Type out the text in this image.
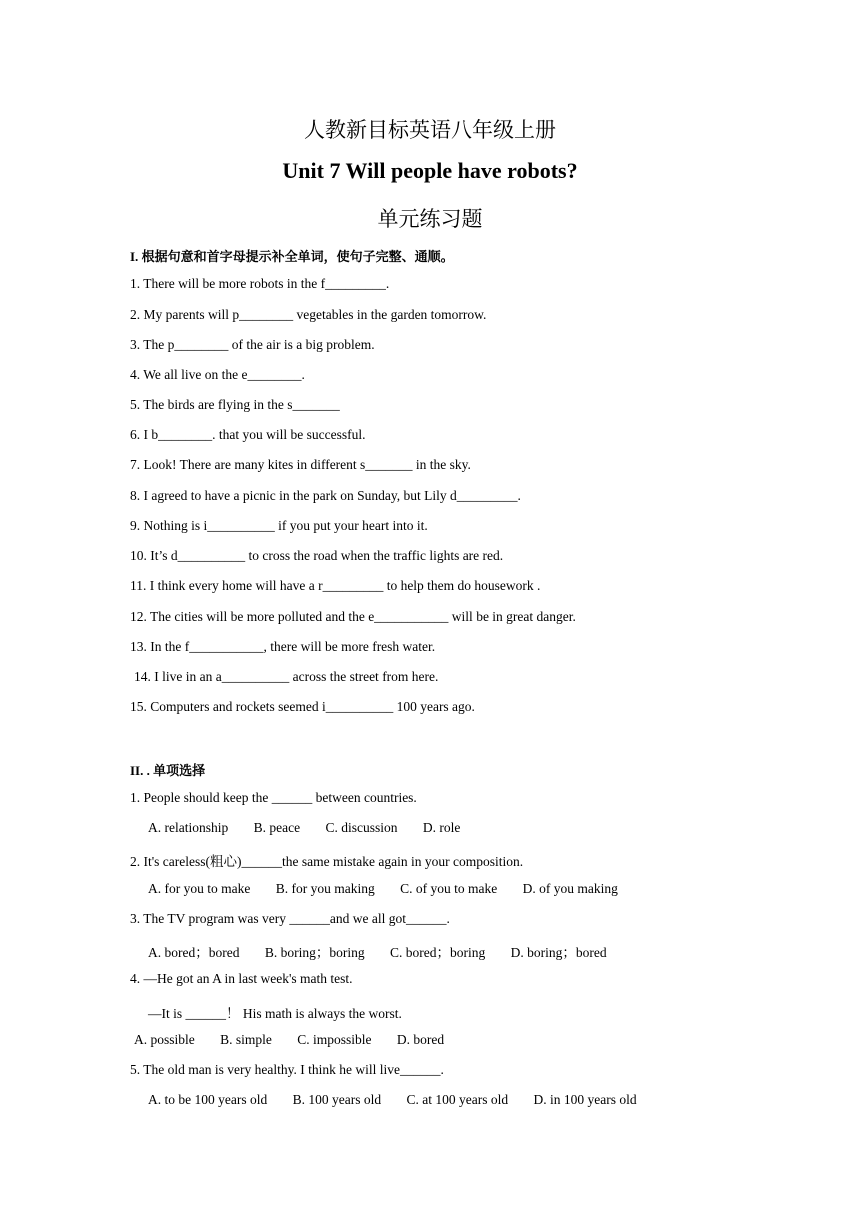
人教新目标英语八年级上册
Unit 7 Will people have robots?
单元练习题
I. 根据句意和首字母提示补全单词，使句子完整、通顺。
1. There will be more robots in the f_________.
2. My parents will p________ vegetables in the garden tomorrow.
3. The p________ of the air is a big problem.
4. We all live on the e________.
5. The birds are flying in the s_______
6. I b________. that you will be successful.
7. Look! There are many kites in different s_______ in the sky.
8. I agreed to have a picnic in the park on Sunday, but Lily d_________.
9. Nothing is i__________ if you put your heart into it.
10. It’s d__________ to cross the road when the traffic lights are red.
11. I think every home will have a r_________ to help them do housework .
12. The cities will be more polluted and the e___________ will be in great danger.
13. In the f___________, there will be more fresh water.
14. I live in an a__________ across the street from here.
15. Computers and rockets seemed i__________ 100 years ago.
II. . 单项选择
1. People should keep the ______ between countries.
A. relationship B. peace C. discussion D. role
2. It's careless(粗心)______the same mistake again in your composition.
A. for you to make B. for you making C. of you to make D. of you making
3. The TV program was very ______and we all got______.
A. bored；bored B. boring；boring C. bored；boring D. boring；bored
4. —He got an A in last week's math test.
—It is ______！ His math is always the worst.
A. possible B. simple C. impossible D. bored
5. The old man is very healthy. I think he will live______.
A. to be 100 years old B. 100 years old C. at 100 years old D. in 100 years old
